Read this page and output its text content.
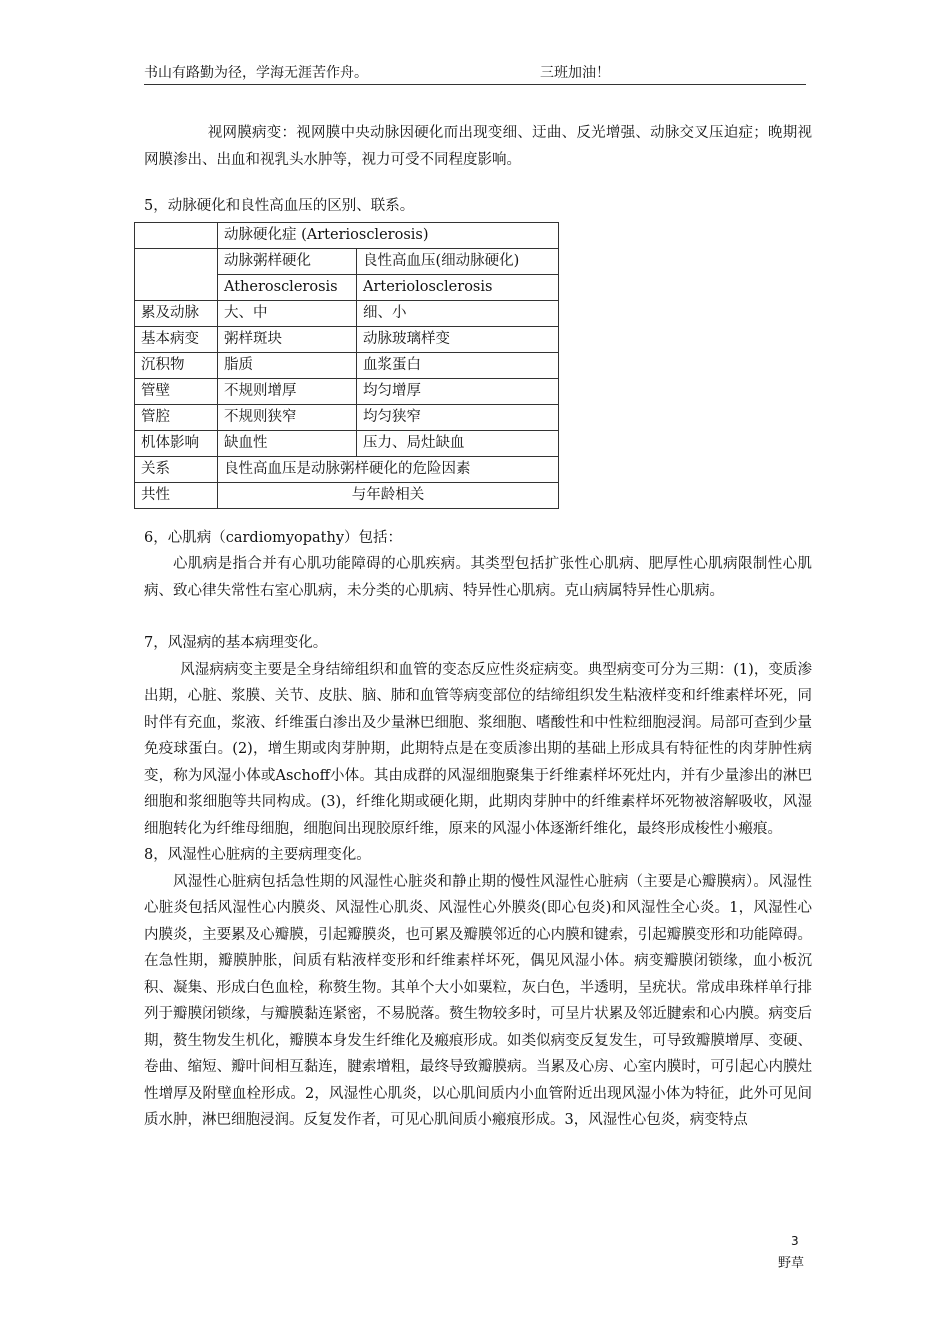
书山有路勤为径，学海无涯苦作舟。	三班加油！

视网膜病变：视网膜中央动脉因硬化而出现变细、迂曲、反光增强、动脉交叉压迫症；晚期视网膜渗出、出血和视乳头水肿等，视力可受不同程度影响。

5，动脉硬化和良性高血压的区别、联系。

	动脉硬化症 (Arteriosclerosis)	
	动脉粥样硬化	良性高血压(细动脉硬化)
	Atherosclerosis	Arteriolosclerosis
累及动脉	大、中	细、小
基本病变	粥样斑块	动脉玻璃样变
沉积物	脂质	血浆蛋白
管壁	不规则增厚	均匀增厚
管腔	不规则狭窄	均匀狭窄
机体影响	缺血性	压力、局灶缺血
关系	良性高血压是动脉粥样硬化的危险因素	
共性	与年龄相关	

6，心肌病（cardiomyopathy）包括：

心肌病是指合并有心肌功能障碍的心肌疾病。其类型包括扩张性心肌病、肥厚性心肌病限制性心肌病、致心律失常性右室心肌病，未分类的心肌病、特异性心肌病。克山病属特异性心肌病。

7，风湿病的基本病理变化。

风湿病病变主要是全身结缔组织和血管的变态反应性炎症病变。典型病变可分为三期：(1)，变质渗出期，心脏、浆膜、关节、皮肤、脑、肺和血管等病变部位的结缔组织发生粘液样变和纤维素样坏死，同时伴有充血，浆液、纤维蛋白渗出及少量淋巴细胞、浆细胞、嗜酸性和中性粒细胞浸润。局部可查到少量免疫球蛋白。(2)，增生期或肉芽肿期，此期特点是在变质渗出期的基础上形成具有特征性的肉芽肿性病变，称为风湿小体或Aschoff小体。其由成群的风湿细胞聚集于纤维素样坏死灶内，并有少量渗出的淋巴细胞和浆细胞等共同构成。(3)，纤维化期或硬化期，此期肉芽肿中的纤维素样坏死物被溶解吸收，风湿细胞转化为纤维母细胞，细胞间出现胶原纤维，原来的风湿小体逐渐纤维化，最终形成梭性小瘢痕。

8，风湿性心脏病的主要病理变化。

风湿性心脏病包括急性期的风湿性心脏炎和静止期的慢性风湿性心脏病（主要是心瓣膜病）。风湿性心脏炎包括风湿性心内膜炎、风湿性心肌炎、风湿性心外膜炎(即心包炎)和风湿性全心炎。1，风湿性心内膜炎，主要累及心瓣膜，引起瓣膜炎，也可累及瓣膜邻近的心内膜和键索，引起瓣膜变形和功能障碍。在急性期，瓣膜肿胀，间质有粘液样变形和纤维素样坏死，偶见风湿小体。病变瓣膜闭锁缘，血小板沉积、凝集、形成白色血栓，称赘生物。其单个大小如粟粒，灰白色，半透明，呈疣状。常成串珠样单行排列于瓣膜闭锁缘，与瓣膜黏连紧密，不易脱落。赘生物较多时，可呈片状累及邻近腱索和心内膜。病变后期，赘生物发生机化，瓣膜本身发生纤维化及瘢痕形成。如类似病变反复发生，可导致瓣膜增厚、变硬、卷曲、缩短、瓣叶间相互黏连，腱索增粗，最终导致瓣膜病。当累及心房、心室内膜时，可引起心内膜灶性增厚及附壁血栓形成。2，风湿性心肌炎，以心肌间质内小血管附近出现风湿小体为特征，此外可见间质水肿，淋巴细胞浸润。反复发作者，可见心肌间质小瘢痕形成。3，风湿性心包炎，病变特点

3
野草
